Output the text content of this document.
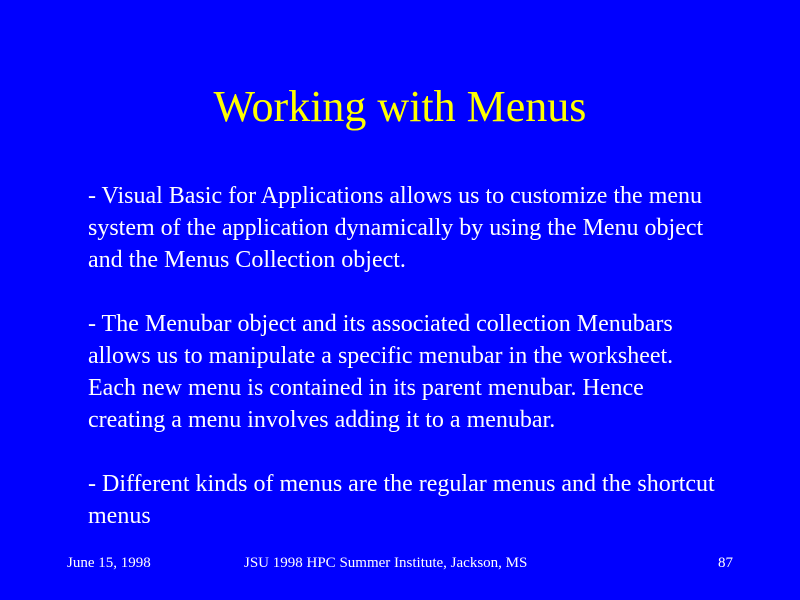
Working with Menus

- Visual Basic for Applications allows us to customize the menu
system of the application dynamically by using the Menu object
and the Menus Collection object.

- The Menubar object and its associated collection Menubars
allows us to manipulate a specific menubar in the worksheet.
Each new menu is contained in its parent menubar. Hence
creating a menu involves adding it to a menubar.

- Different kinds of menus are the regular menus and the shortcut
menus

June 15, 1998	JSU 1998 HPC Summer Institute, Jackson, MS	87
